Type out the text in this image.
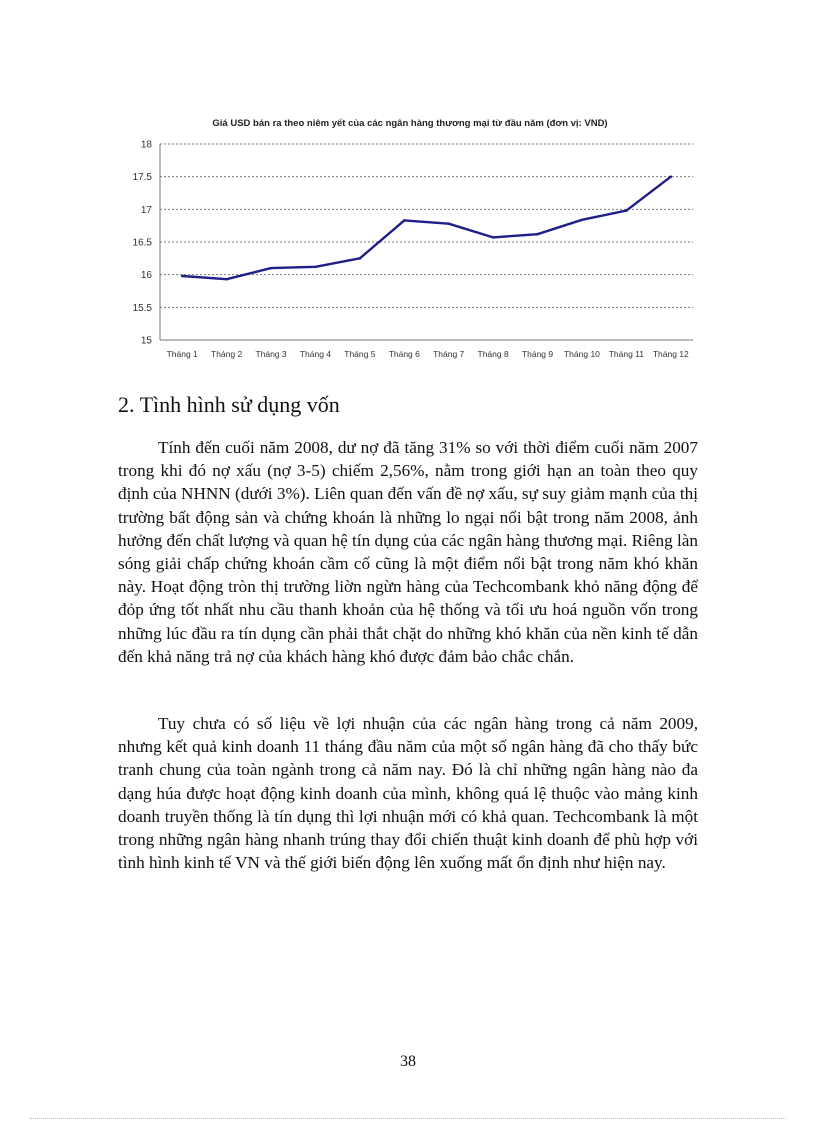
Giá USD bán ra theo niêm yết của các ngân hàng thương mại từ đầu năm (đơn vị: VND)
15
15.5
16
16.5
17
17.5
18
Tháng 1 Tháng 2 Tháng 3 Tháng 4 Tháng 5 Tháng 6 Tháng 7 Tháng 8 Tháng 9 Tháng 10 Tháng 11 Tháng 12
2. Tình hình sử dụng vốn

Tính đến cuối năm 2008, dư nợ đã tăng 31% so với thời điểm cuối năm 2007 trong khi đó nợ xấu (nợ 3-5) chiếm 2,56%, nằm trong giới hạn an toàn theo quy định của NHNN (dưới 3%). Liên quan đến vấn đề nợ xấu, sự suy giảm mạnh của thị trường bất động sản và chứng khoán là những lo ngại nổi bật trong năm 2008, ảnh hưởng đến chất lượng và quan hệ tín dụng của các ngân hàng thương mại. Riêng làn sóng giải chấp chứng khoán cầm cố cũng là một điểm nổi bật trong năm khó khăn này. Hoạt động tròn thị trường liờn ngừn hàng của Techcombank khỏ năng động để đỏp ứng tốt nhất nhu cầu thanh khoản của hệ thống và tối ưu hoá nguồn vốn trong những lúc đầu ra tín dụng cần phải thắt chặt do những khó khăn của nền kinh tế dẫn đến khả năng trả nợ của khách hàng khó được đảm bảo chắc chắn.

Tuy chưa có số liệu về lợi nhuận của các ngân hàng trong cả năm 2009, nhưng kết quả kinh doanh 11 tháng đầu năm của một số ngân hàng đã cho thấy bức tranh chung của toàn ngành trong cả năm nay. Đó là chỉ những ngân hàng nào đa dạng húa được hoạt động kinh doanh của mình, không quá lệ thuộc vào mảng kinh doanh truyền thống là tín dụng thì lợi nhuận mới có khả quan. Techcombank là một trong những ngân hàng nhanh trúng thay đổi chiến thuật kinh doanh để phù hợp với tình hình kinh tế VN và thế giới biến động lên xuống mất ổn định như hiện nay.

38
